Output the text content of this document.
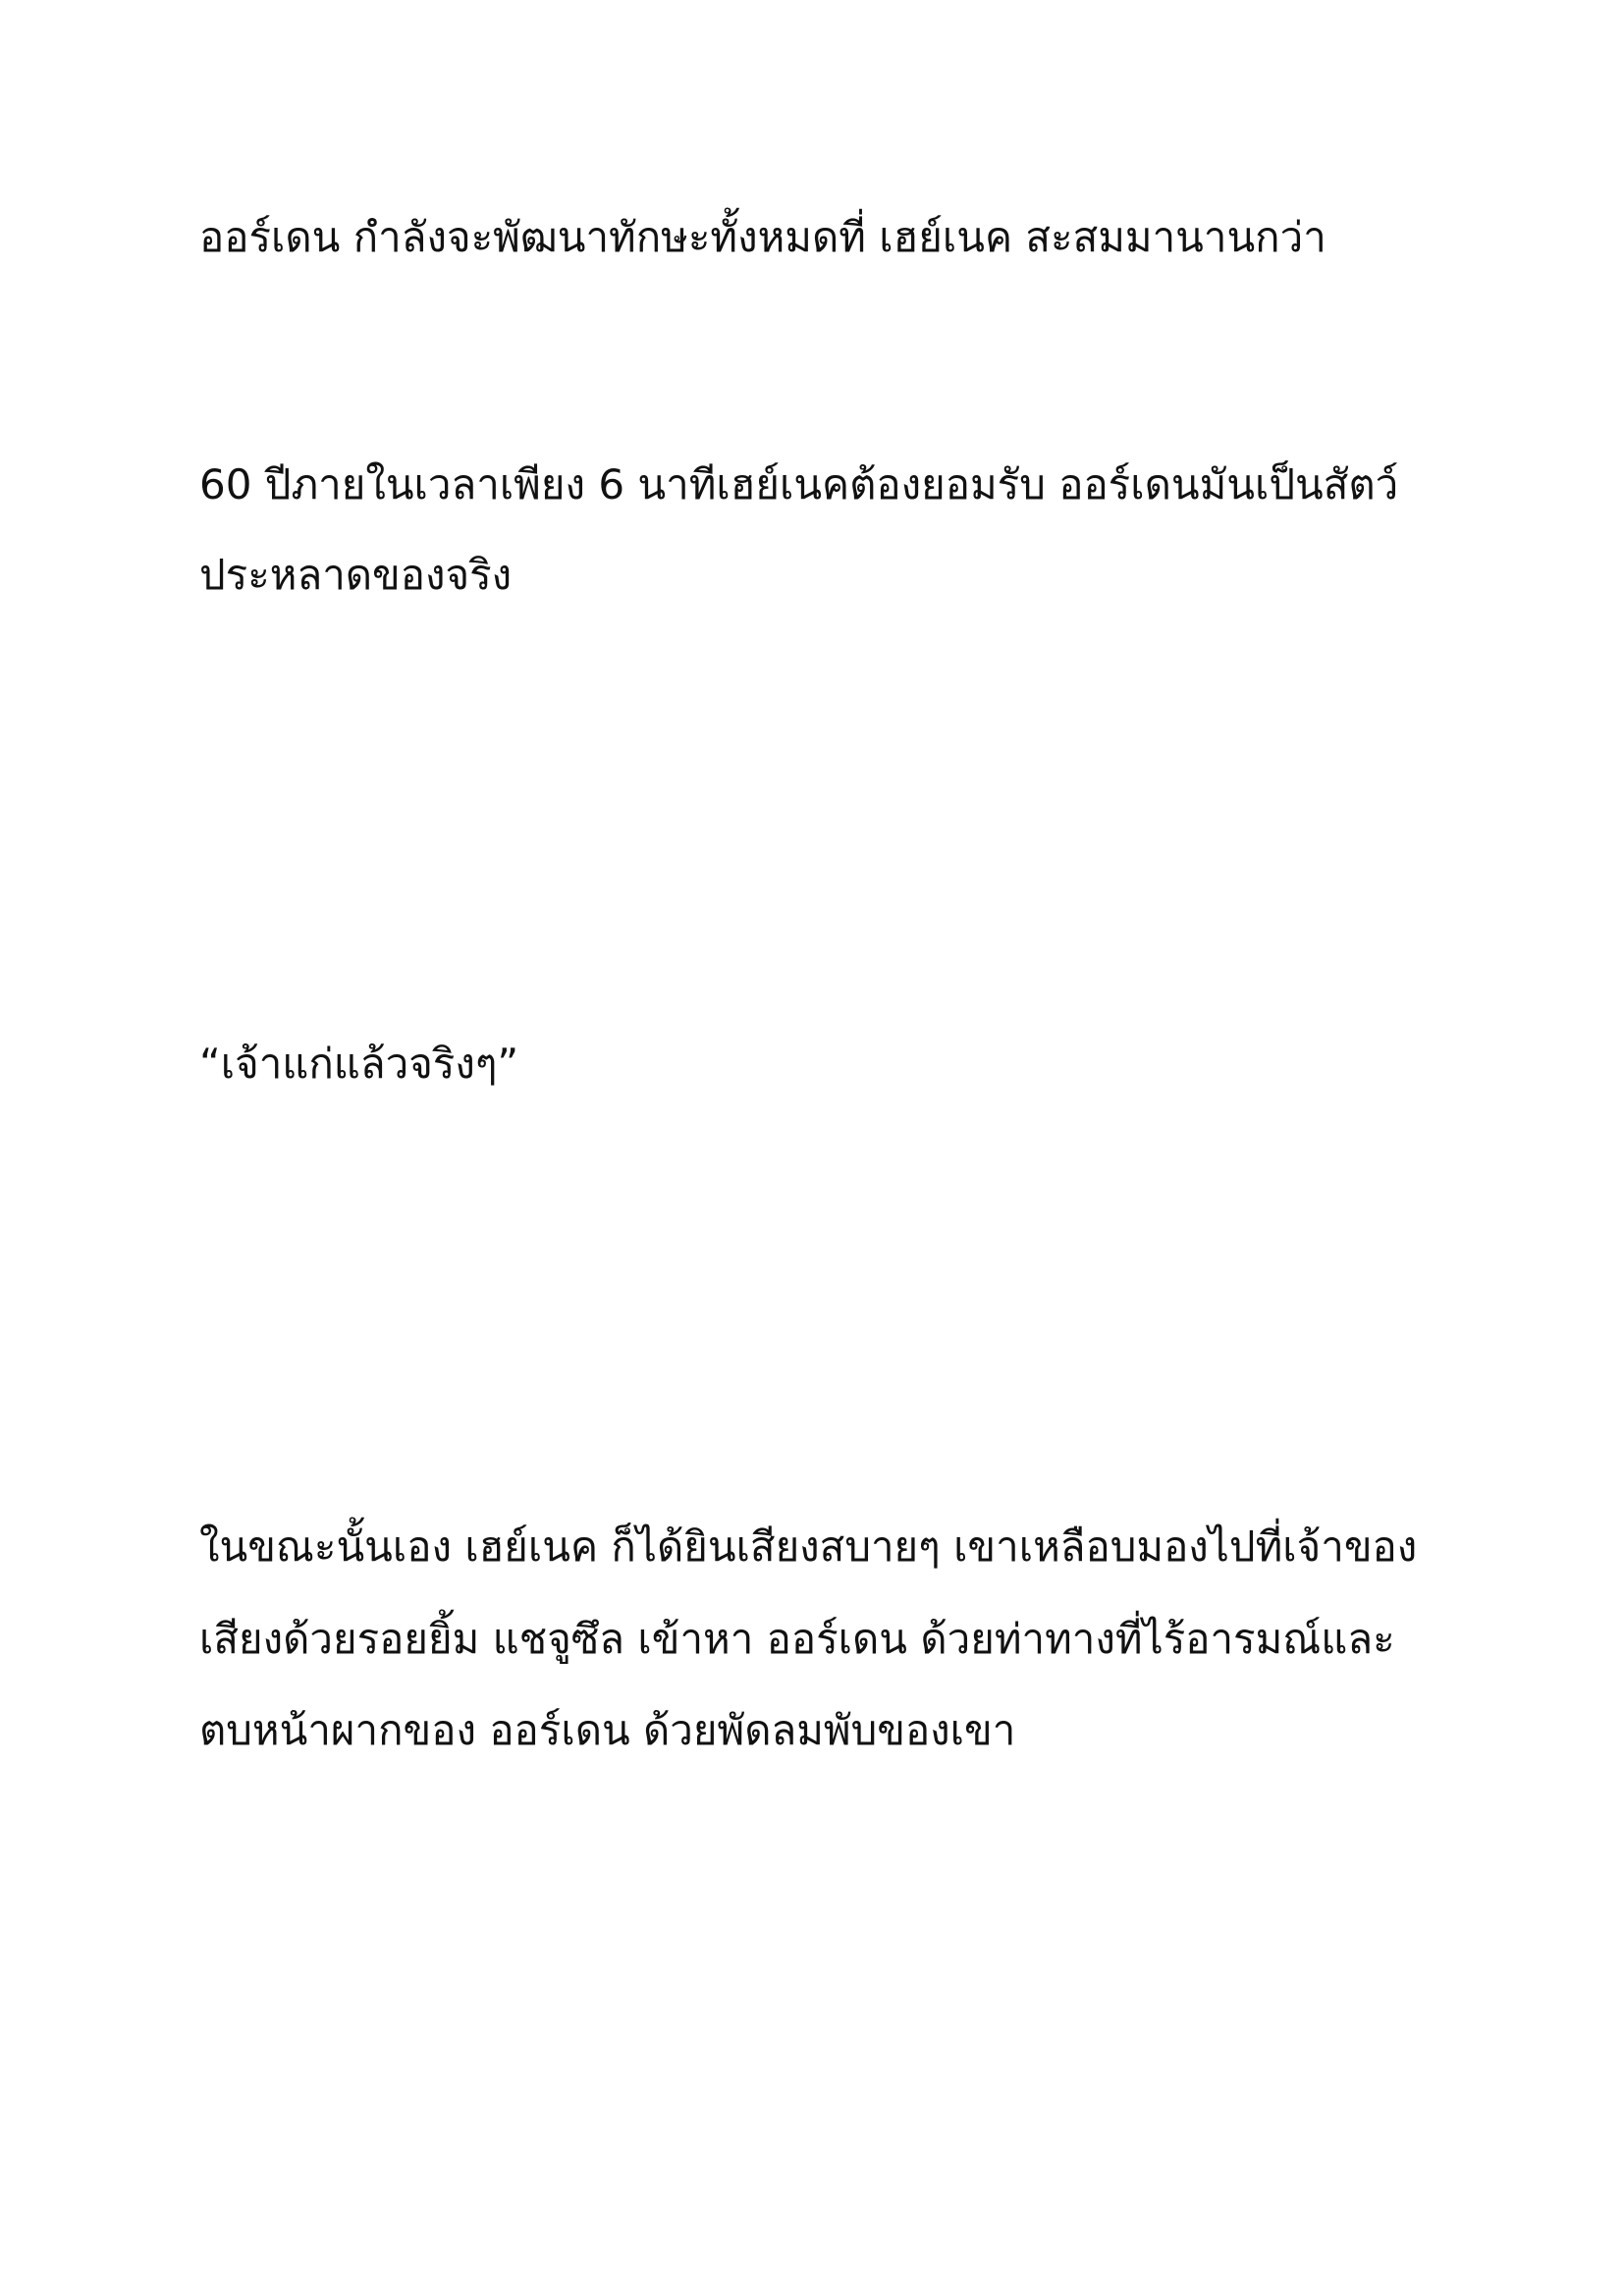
ออร์เดน กำลังจะพัฒนาทักษะทั้งหมดที่ เฮย์เนค สะสมมานานกว่า

60 ปีภายในเวลาเพียง 6 นาทีเฮย์เนคต้องยอมรับ ออร์เดนมันเป็นสัตว์

ประหลาดของจริง

“เจ้าแก่แล้วจริงๆ”

ในขณะนั้นเอง เฮย์เนค ก็ได้ยินเสียงสบายๆ เขาเหลือบมองไปที่เจ้าของ

เสียงด้วยรอยยิ้ม แชจูซึล เข้าหา ออร์เดน ด้วยท่าทางที่ไร้อารมณ์และ

ตบหน้าผากของ ออร์เดน ด้วยพัดลมพับของเขา
